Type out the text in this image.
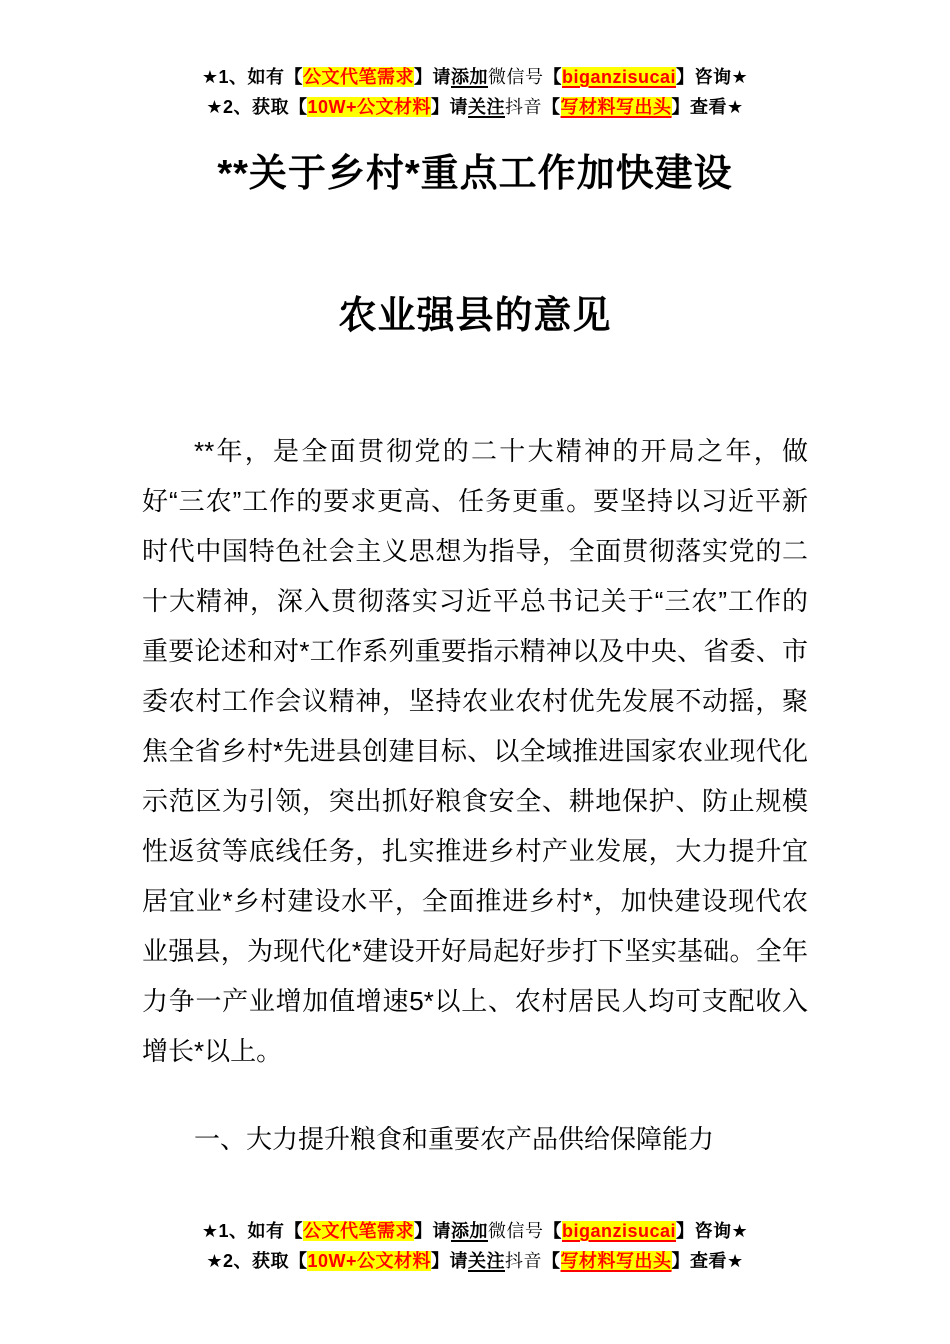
★1、如有【公文代笔需求】请添加微信号【biganzisucai】咨询★
★2、获取【10W+公文材料】请关注抖音【写材料写出头】查看★
**关于乡村*重点工作加快建设
农业强县的意见

**年，是全面贯彻党的二十大精神的开局之年，做好“三农”工作的要求更高、任务更重。要坚持以习近平新时代中国特色社会主义思想为指导，全面贯彻落实党的二十大精神，深入贯彻落实习近平总书记关于“三农”工作的重要论述和对*工作系列重要指示精神以及中央、省委、市委农村工作会议精神，坚持农业农村优先发展不动摇，聚焦全省乡村*先进县创建目标、以全域推进国家农业现代化示范区为引领，突出抓好粮食安全、耕地保护、防止规模性返贫等底线任务，扎实推进乡村产业发展，大力提升宜居宜业*乡村建设水平，全面推进乡村*，加快建设现代农业强县，为现代化*建设开好局起好步打下坚实基础。全年力争一产业增加值增速5*以上、农村居民人均可支配收入增长*以上。

一、大力提升粮食和重要农产品供给保障能力
★1、如有【公文代笔需求】请添加微信号【biganzisucai】咨询★
★2、获取【10W+公文材料】请关注抖音【写材料写出头】查看★
